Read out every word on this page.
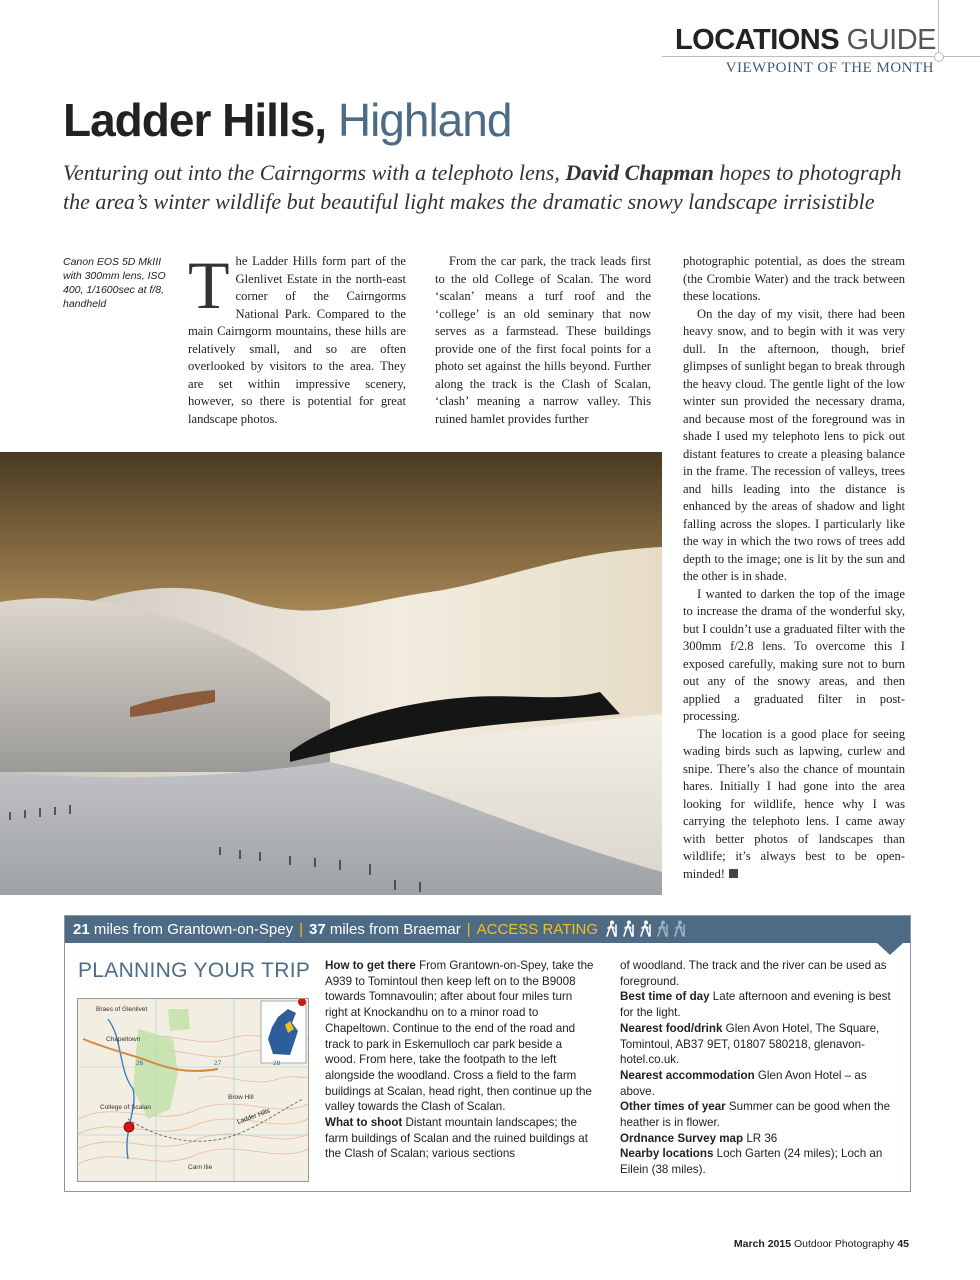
LOCATIONS GUIDE
VIEWPOINT OF THE MONTH
Ladder Hills, Highland
Venturing out into the Cairngorms with a telephoto lens, David Chapman hopes to photograph the area’s winter wildlife but beautiful light makes the dramatic snowy landscape irrisistible
Canon EOS 5D MkIII with 300mm lens, ISO 400, 1/1600sec at f/8, handheld	The Ladder Hills form part of the Glenlivet Estate in the north-east corner of the Cairngorms National Park. Compared to the main Cairngorm mountains, these hills are relatively small, and so are often overlooked by visitors to the area. They are set within impressive scenery, however, so there is potential for great landscape photos.

From the car park, the track leads first to the old College of Scalan. The word ‘scalan’ means a turf roof and the ‘college’ is an old seminary that now serves as a farmstead. These buildings provide one of the first focal points for a photo set against the hills beyond. Further along the track is the Clash of Scalan, ‘clash’ meaning a narrow valley. This ruined hamlet provides further

photographic potential, as does the stream (the Crombie Water) and the track between these locations.

On the day of my visit, there had been heavy snow, and to begin with it was very dull. In the afternoon, though, brief glimpses of sunlight began to break through the heavy cloud. The gentle light of the low winter sun provided the necessary drama, and because most of the foreground was in shade I used my telephoto lens to pick out distant features to create a pleasing balance in the frame. The recession of valleys, trees and hills leading into the distance is enhanced by the areas of shadow and light falling across the slopes. I particularly like the way in which the two rows of trees add depth to the image; one is lit by the sun and the other is in shade.

I wanted to darken the top of the image to increase the drama of the wonderful sky, but I couldn’t use a graduated filter with the 300mm f/2.8 lens. To overcome this I exposed carefully, making sure not to burn out any of the snowy areas, and then applied a graduated filter in post-processing.

The location is a good place for seeing wading birds such as lapwing, curlew and snipe. There’s also the chance of mountain hares. Initially I had gone into the area looking for wildlife, hence why I was carrying the telephoto lens. I came away with better photos of landscapes than wildlife; it’s always best to be open-minded!

21 miles from Grantown-on-Spey | 37 miles from Braemar | ACCESS RATING
PLANNING YOUR TRIP
Braes of Glenlivet
Chapeltown
College of Scalan
Ladder Hills
26	27	28
Brow Hill
Carn Ilie
How to get there From Grantown-on-Spey, take the A939 to Tomintoul then keep left on to the B9008 towards Tomnavoulin; after about four miles turn right at Knockandhu on to a minor road to Chapeltown. Continue to the end of the road and track to park in Eskemulloch car park beside a wood. From here, take the footpath to the left alongside the woodland. Cross a field to the farm buildings at Scalan, head right, then continue up the valley towards the Clash of Scalan.
What to shoot Distant mountain landscapes; the farm buildings of Scalan and the ruined buildings at the Clash of Scalan; various sections
of woodland. The track and the river can be used as foreground.
Best time of day Late afternoon and evening is best for the light.
Nearest food/drink Glen Avon Hotel, The Square, Tomintoul, AB37 9ET, 01807 580218, glenavon-hotel.co.uk.
Nearest accommodation Glen Avon Hotel – as above.
Other times of year Summer can be good when the heather is in flower.
Ordnance Survey map LR 36
Nearby locations Loch Garten (24 miles); Loch an Eilein (38 miles).
March 2015 Outdoor Photography 45
